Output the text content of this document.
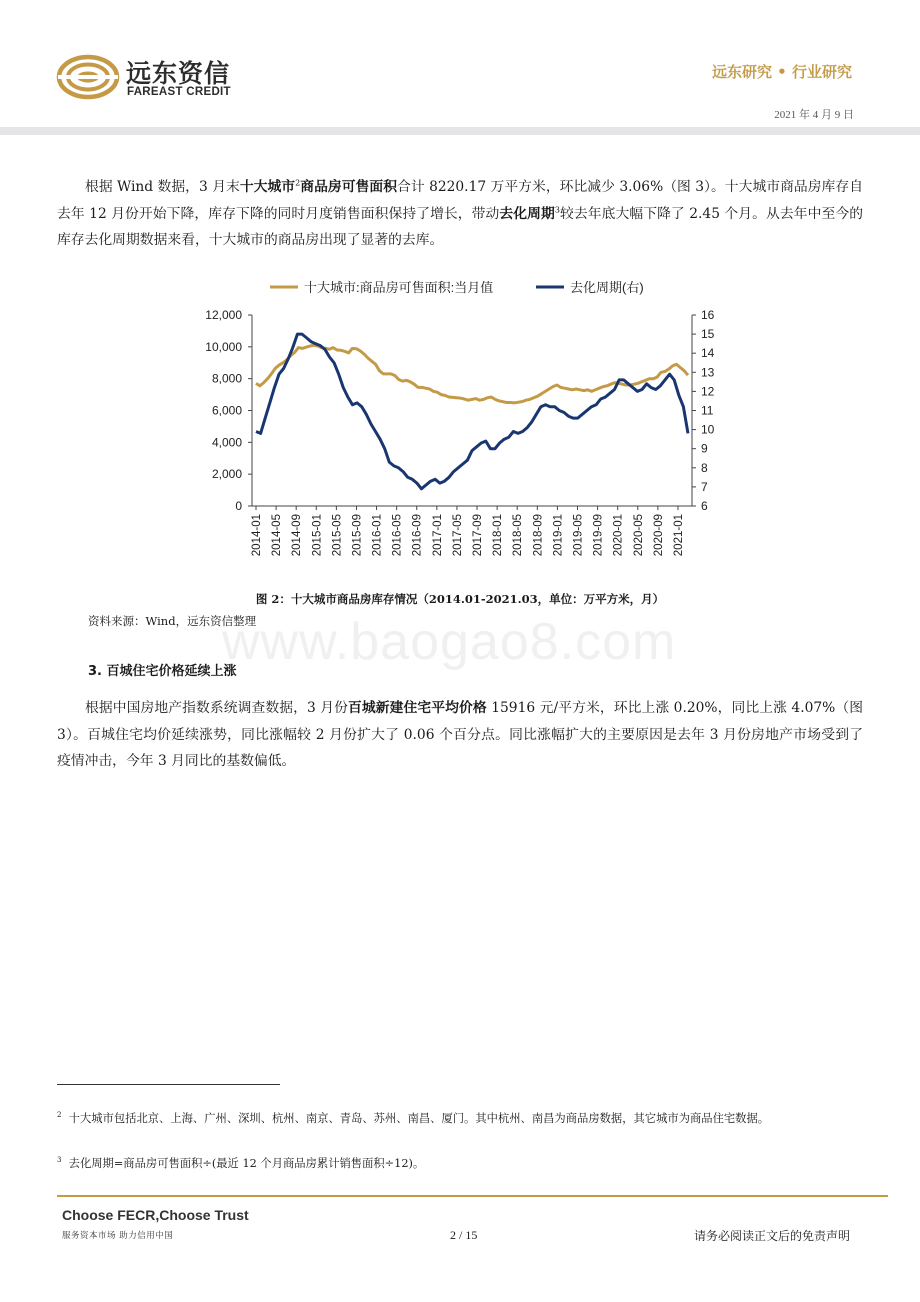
远东资信
FAREAST CREDIT
远东研究 • 行业研究
2021 年 4 月 9 日
根据 Wind 数据，3 月末十大城市$^2$商品房可售面积合计 8220.17 万平方米，环比减少 3.06%（图 3）。十大城市商品房库存自去年 12 月份开始下降，库存下降的同时月度销售面积保持了增长，带动去化周期$^3$较去年底大幅下降了 2.45 个月。从去年中至今的库存去化周期数据来看，十大城市的商品房出现了显著的去库。
十大城市:商品房可售面积:当月值	去化周期(右)
0
2,000
4,000
6,000
8,000
10,000
12,000
6
7
8
9
10
11
12
13
14
15
16
2014-01 2014-05 2014-09 2015-01 2015-05 2015-09 2016-01 2016-05 2016-09 2017-01 2017-05 2017-09 2018-01 2018-05 2018-09 2019-01 2019-05 2019-09 2020-01 2020-05 2020-09 2021-01
www.baogao8.com
图 2：十大城市商品房库存情况（2014.01-2021.03，单位：万平方米，月）
资料来源：Wind，远东资信整理
3. 百城住宅价格延续上涨
根据中国房地产指数系统调查数据，3 月份百城新建住宅平均价格 15916 元/平方米，环比上涨 0.20%，同比上涨 4.07%（图 3）。百城住宅均价延续涨势，同比涨幅较 2 月份扩大了 0.06 个百分点。同比涨幅扩大的主要原因是去年 3 月份房地产市场受到了疫情冲击，今年 3 月同比的基数偏低。
$^2$ 十大城市包括北京、上海、广州、深圳、杭州、南京、青岛、苏州、南昌、厦门。其中杭州、南昌为商品房数据，其它城市为商品住宅数据。
$^3$ 去化周期=商品房可售面积÷(最近 12 个月商品房累计销售面积÷12)。
Choose FECR,Choose Trust
服务资本市场 助力信用中国	2 / 15	请务必阅读正文后的免责声明
